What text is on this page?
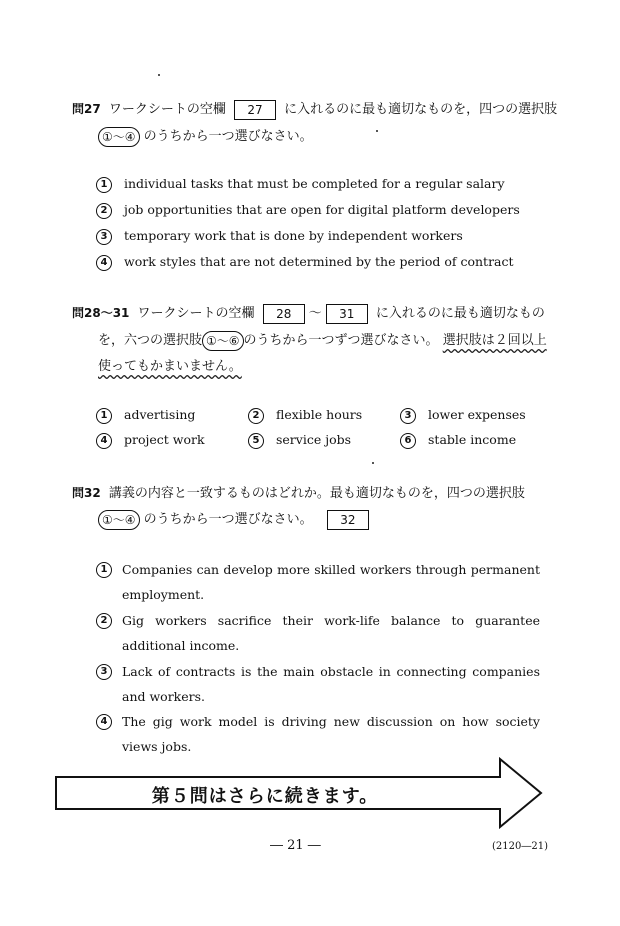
問27 ワークシートの空欄 27 に入れるのに最も適切なものを，四つの選択肢
①～④ のうちから一つ選びなさい。
1 individual tasks that must be completed for a regular salary
2 job opportunities that are open for digital platform developers
3 temporary work that is done by independent workers
4 work styles that are not determined by the period of contract
問28～31 ワークシートの空欄 28 ～ 31 に入れるのに最も適切なもの
を，六つの選択肢 ①～⑥ のうちから一つずつ選びなさい。 選択肢は２回以上
使ってもかまいません。
1 advertising	2 flexible hours	3 lower expenses
4 project work	5 service jobs	6 stable income
問32 講義の内容と一致するものはどれか。最も適切なものを，四つの選択肢
①～④ のうちから一つ選びなさい。 32
1	Companies can develop more skilled workers through permanent employment.
2	Gig workers sacrifice their work-life balance to guarantee additional income.
3	Lack of contracts is the main obstacle in connecting companies and workers.
4	The gig work model is driving new discussion on how society views jobs.
第５問はさらに続きます。
― 21 ―	(2120―21)
